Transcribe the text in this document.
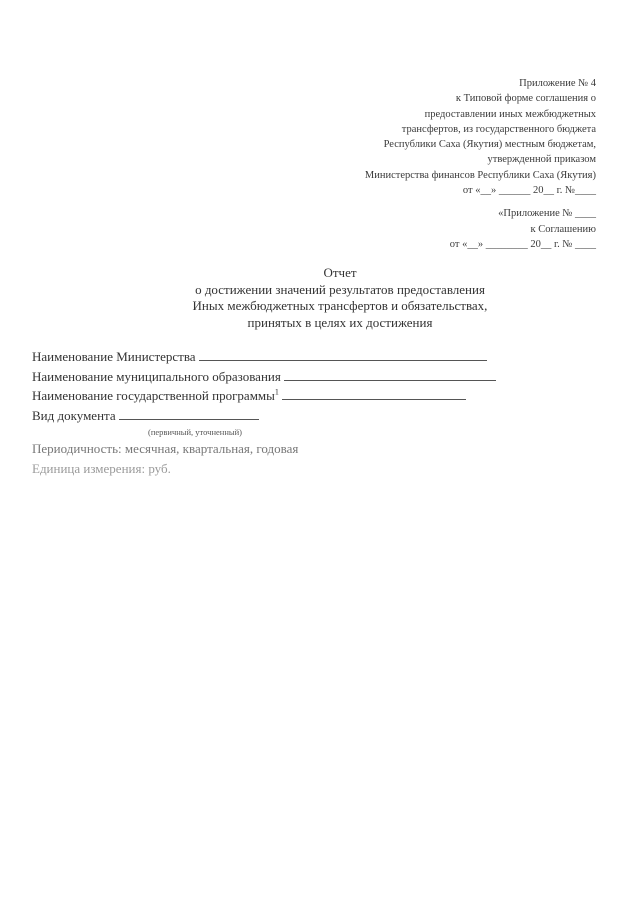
Приложение № 4
к Типовой форме соглашения о
предоставлении иных межбюджетных
трансфертов, из государственного бюджета
Республики Саха (Якутия) местным бюджетам,
утвержденной приказом
Министерства финансов Республики Саха (Якутия)
от «__» ______ 20__ г. №____
«Приложение № ____
к Соглашению
от «__» ________ 20__ г. № ____
Отчет
о достижении значений результатов предоставления
Иных межбюджетных трансфертов и обязательствах,
принятых в целях их достижения
Наименование Министерства
Наименование муниципального образования
Наименование государственной программы$^1$
Вид документа
(первичный, уточненный)
Периодичность: месячная, квартальная, годовая
Единица измерения: руб.
